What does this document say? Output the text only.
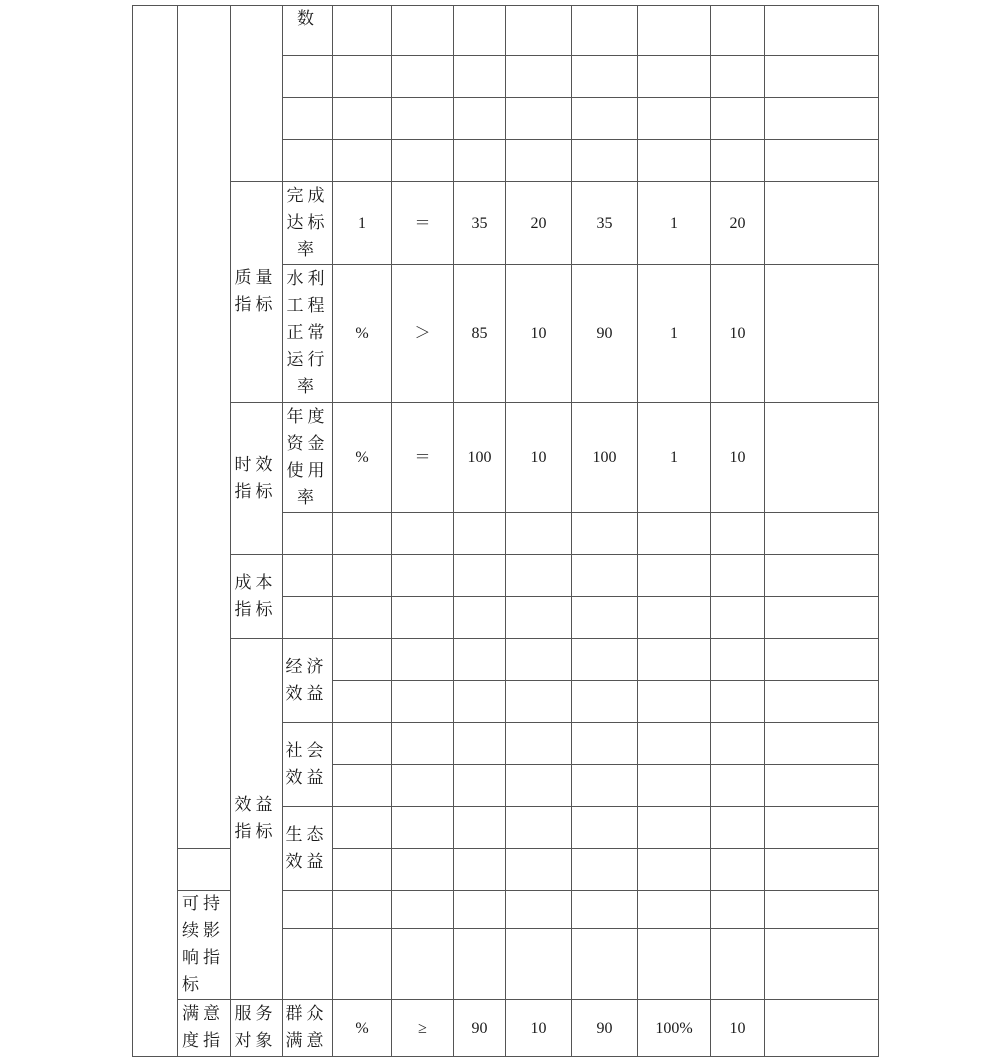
			数									

		质量指标	完成达标率	1	＝	35	20	35	1	20		
			水利工程正常运行率	%	＞	85	10	90	1	10		
		时效指标	年度资金使用率	%	＝	100	10	100	1	10		

		成本指标										

		效益指标	经济效益									

			社会效益									

			生态效益									

	可持续影响指标											

	满意度指	服务对象	群众满意	%	≥	90	10	90	100%	10		
